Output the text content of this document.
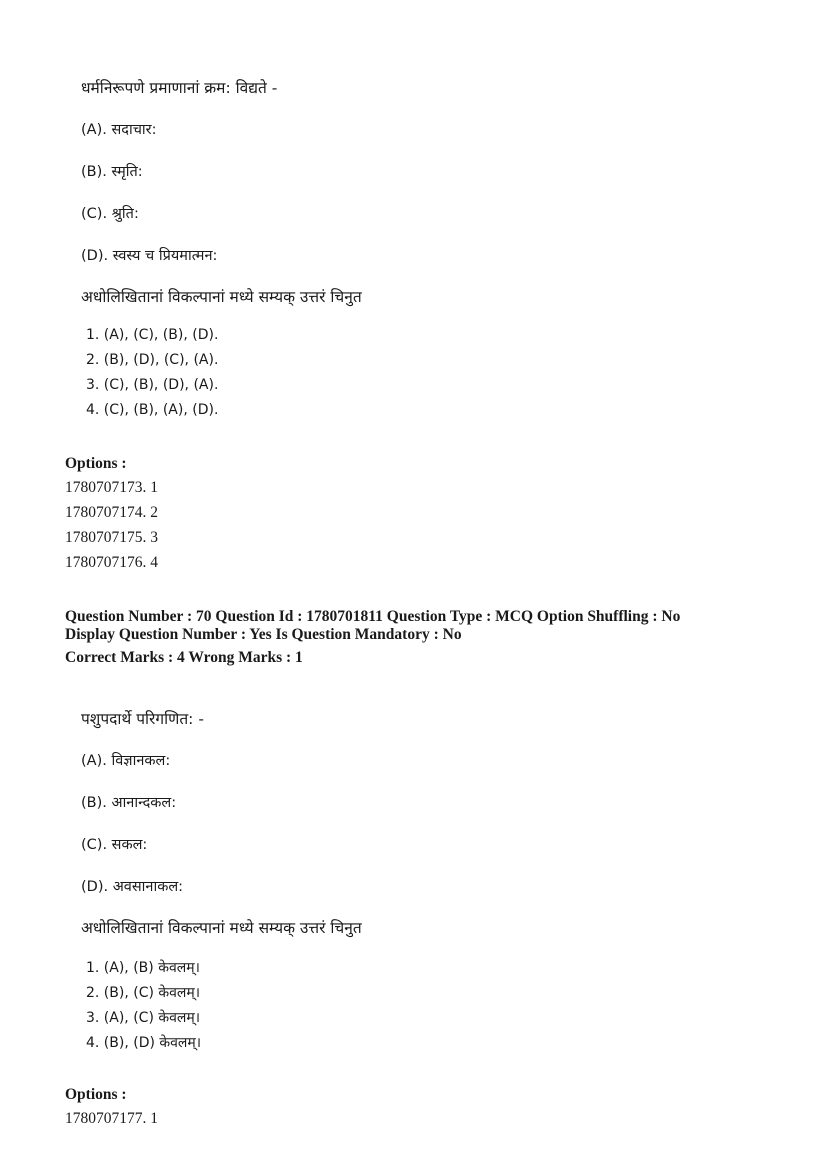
धर्मनिरूपणे प्रमाणानां क्रम: विद्यते -
(A). सदाचार:
(B). स्मृति:
(C). श्रुति:
(D). स्वस्य च प्रियमात्मन:
अधोलिखितानां विकल्पानां मध्ये सम्यक् उत्तरं चिनुत
1. (A), (C), (B), (D).
2. (B), (D), (C), (A).
3. (C), (B), (D), (A).
4. (C), (B), (A), (D).
Options :
1780707173. 1
1780707174. 2
1780707175. 3
1780707176. 4
Question Number : 70 Question Id : 1780701811 Question Type : MCQ Option Shuffling : No
Display Question Number : Yes Is Question Mandatory : No
Correct Marks : 4 Wrong Marks : 1
पशुपदार्थे परिगणित: -
(A). विज्ञानकल:
(B). आनान्दकल:
(C). सकल:
(D). अवसानाकल:
अधोलिखितानां विकल्पानां मध्ये सम्यक् उत्तरं चिनुत
1. (A), (B) केवलम्।
2. (B), (C) केवलम्।
3. (A), (C) केवलम्।
4. (B), (D) केवलम्।
Options :
1780707177. 1
